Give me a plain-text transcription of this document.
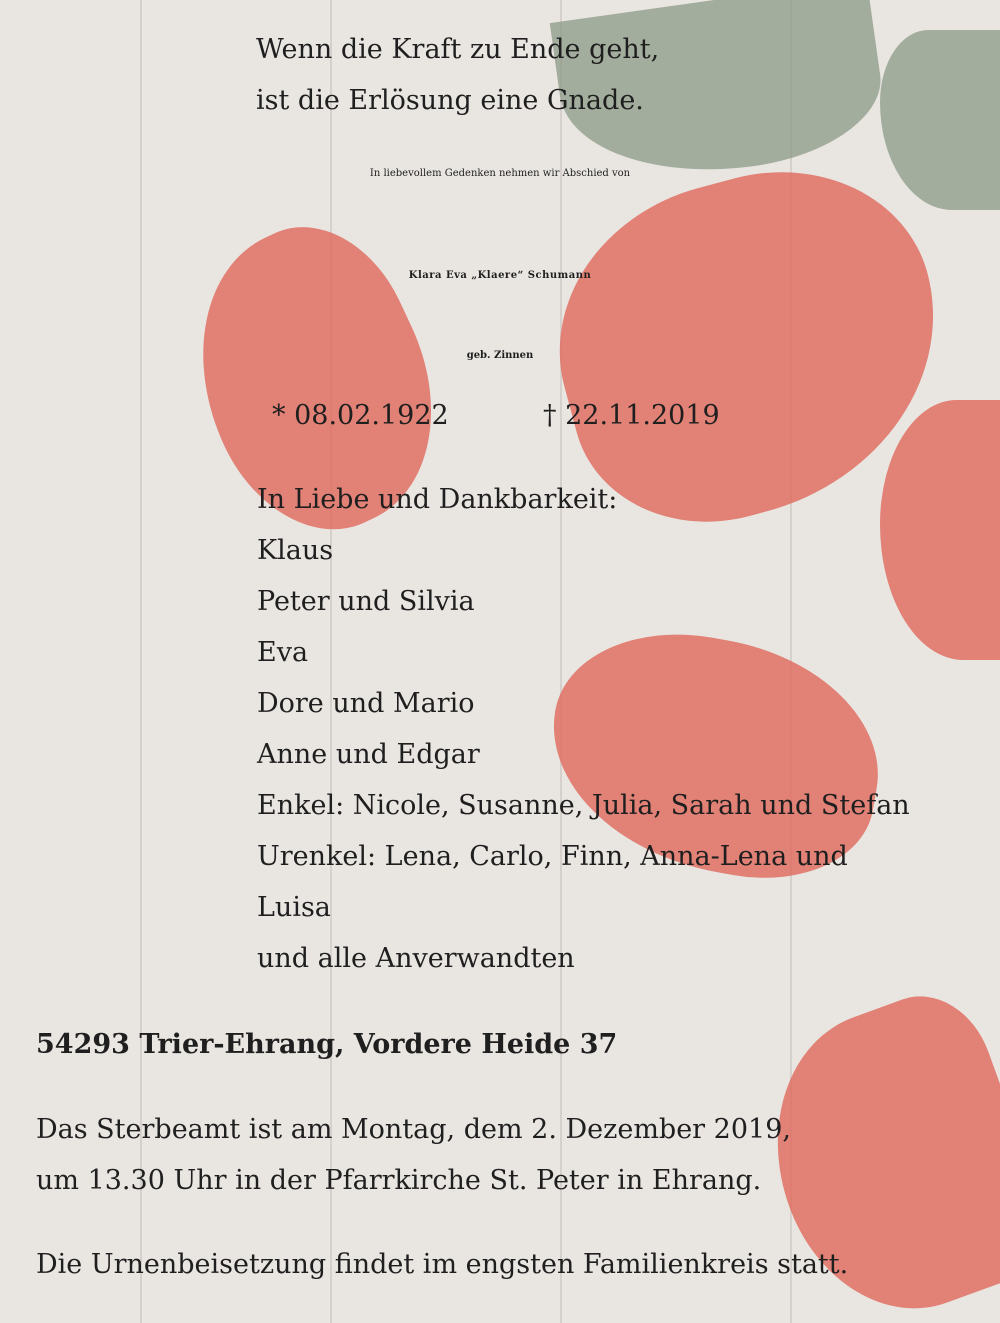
Wenn die Kraft zu Ende geht,
ist die Erlösung eine Gnade.
In liebevollem Gedenken nehmen wir Abschied von
Klara Eva „Klaere“ Schumann
geb. Zinnen
* 08.02.1922	† 22.11.2019
In Liebe und Dankbarkeit:
Klaus
Peter und Silvia
Eva
Dore und Mario
Anne und Edgar
Enkel: Nicole, Susanne, Julia, Sarah und Stefan
Urenkel: Lena, Carlo, Finn, Anna-Lena und
Luisa
und alle Anverwandten
54293 Trier-Ehrang, Vordere Heide 37
Das Sterbeamt ist am Montag, dem 2. Dezember 2019,
um 13.30 Uhr in der Pfarrkirche St. Peter in Ehrang.
Die Urnenbeisetzung findet im engsten Familienkreis statt.
